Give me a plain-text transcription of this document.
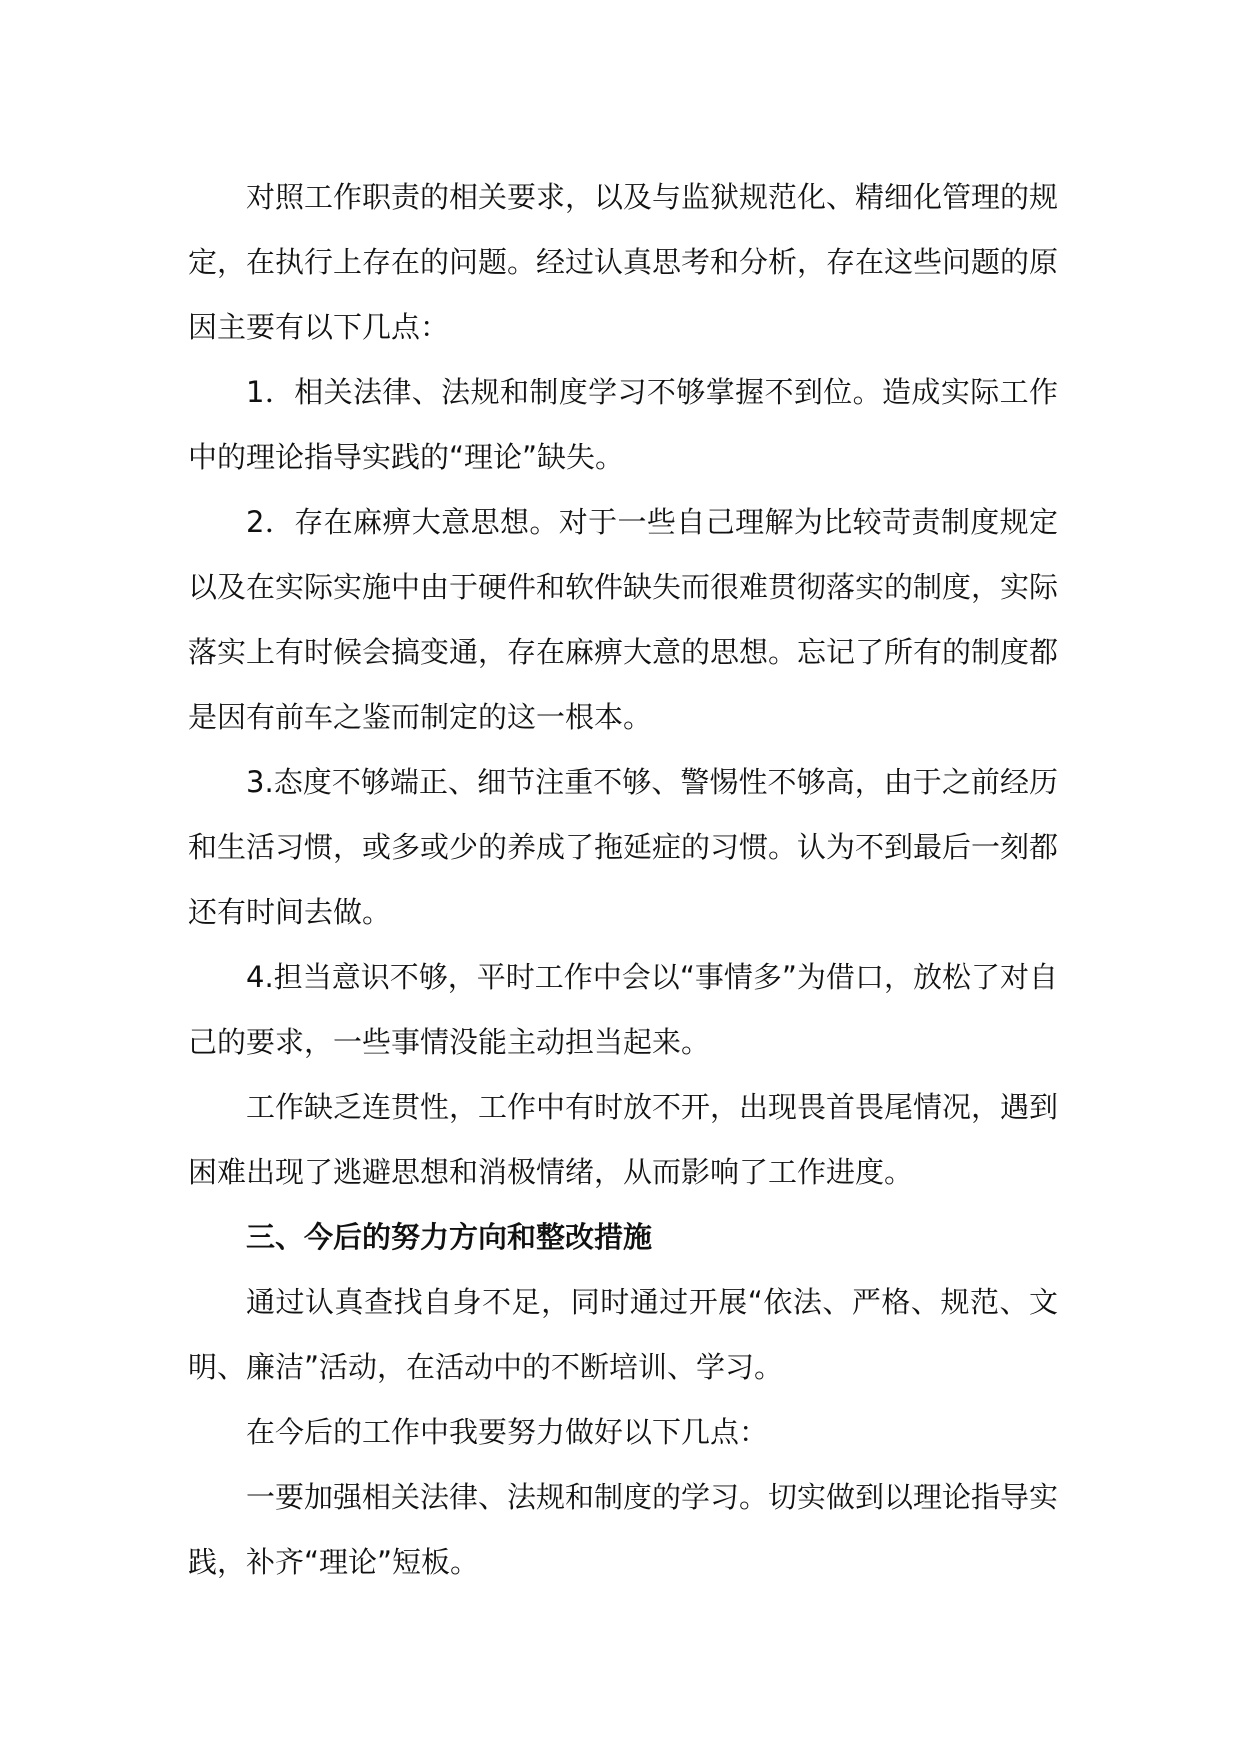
对照工作职责的相关要求，以及与监狱规范化、精细化管理的规定，在执行上存在的问题。经过认真思考和分析，存在这些问题的原因主要有以下几点：

1．相关法律、法规和制度学习不够掌握不到位。造成实际工作中的理论指导实践的“理论”缺失。

2．存在麻痹大意思想。对于一些自己理解为比较苛责制度规定以及在实际实施中由于硬件和软件缺失而很难贯彻落实的制度，实际落实上有时候会搞变通，存在麻痹大意的思想。忘记了所有的制度都是因有前车之鉴而制定的这一根本。

3.态度不够端正、细节注重不够、警惕性不够高，由于之前经历和生活习惯，或多或少的养成了拖延症的习惯。认为不到最后一刻都还有时间去做。

4.担当意识不够，平时工作中会以“事情多”为借口，放松了对自己的要求，一些事情没能主动担当起来。

工作缺乏连贯性，工作中有时放不开，出现畏首畏尾情况，遇到困难出现了逃避思想和消极情绪，从而影响了工作进度。

三、今后的努力方向和整改措施

通过认真查找自身不足，同时通过开展“依法、严格、规范、文明、廉洁”活动，在活动中的不断培训、学习。

在今后的工作中我要努力做好以下几点：

一要加强相关法律、法规和制度的学习。切实做到以理论指导实践，补齐“理论”短板。
